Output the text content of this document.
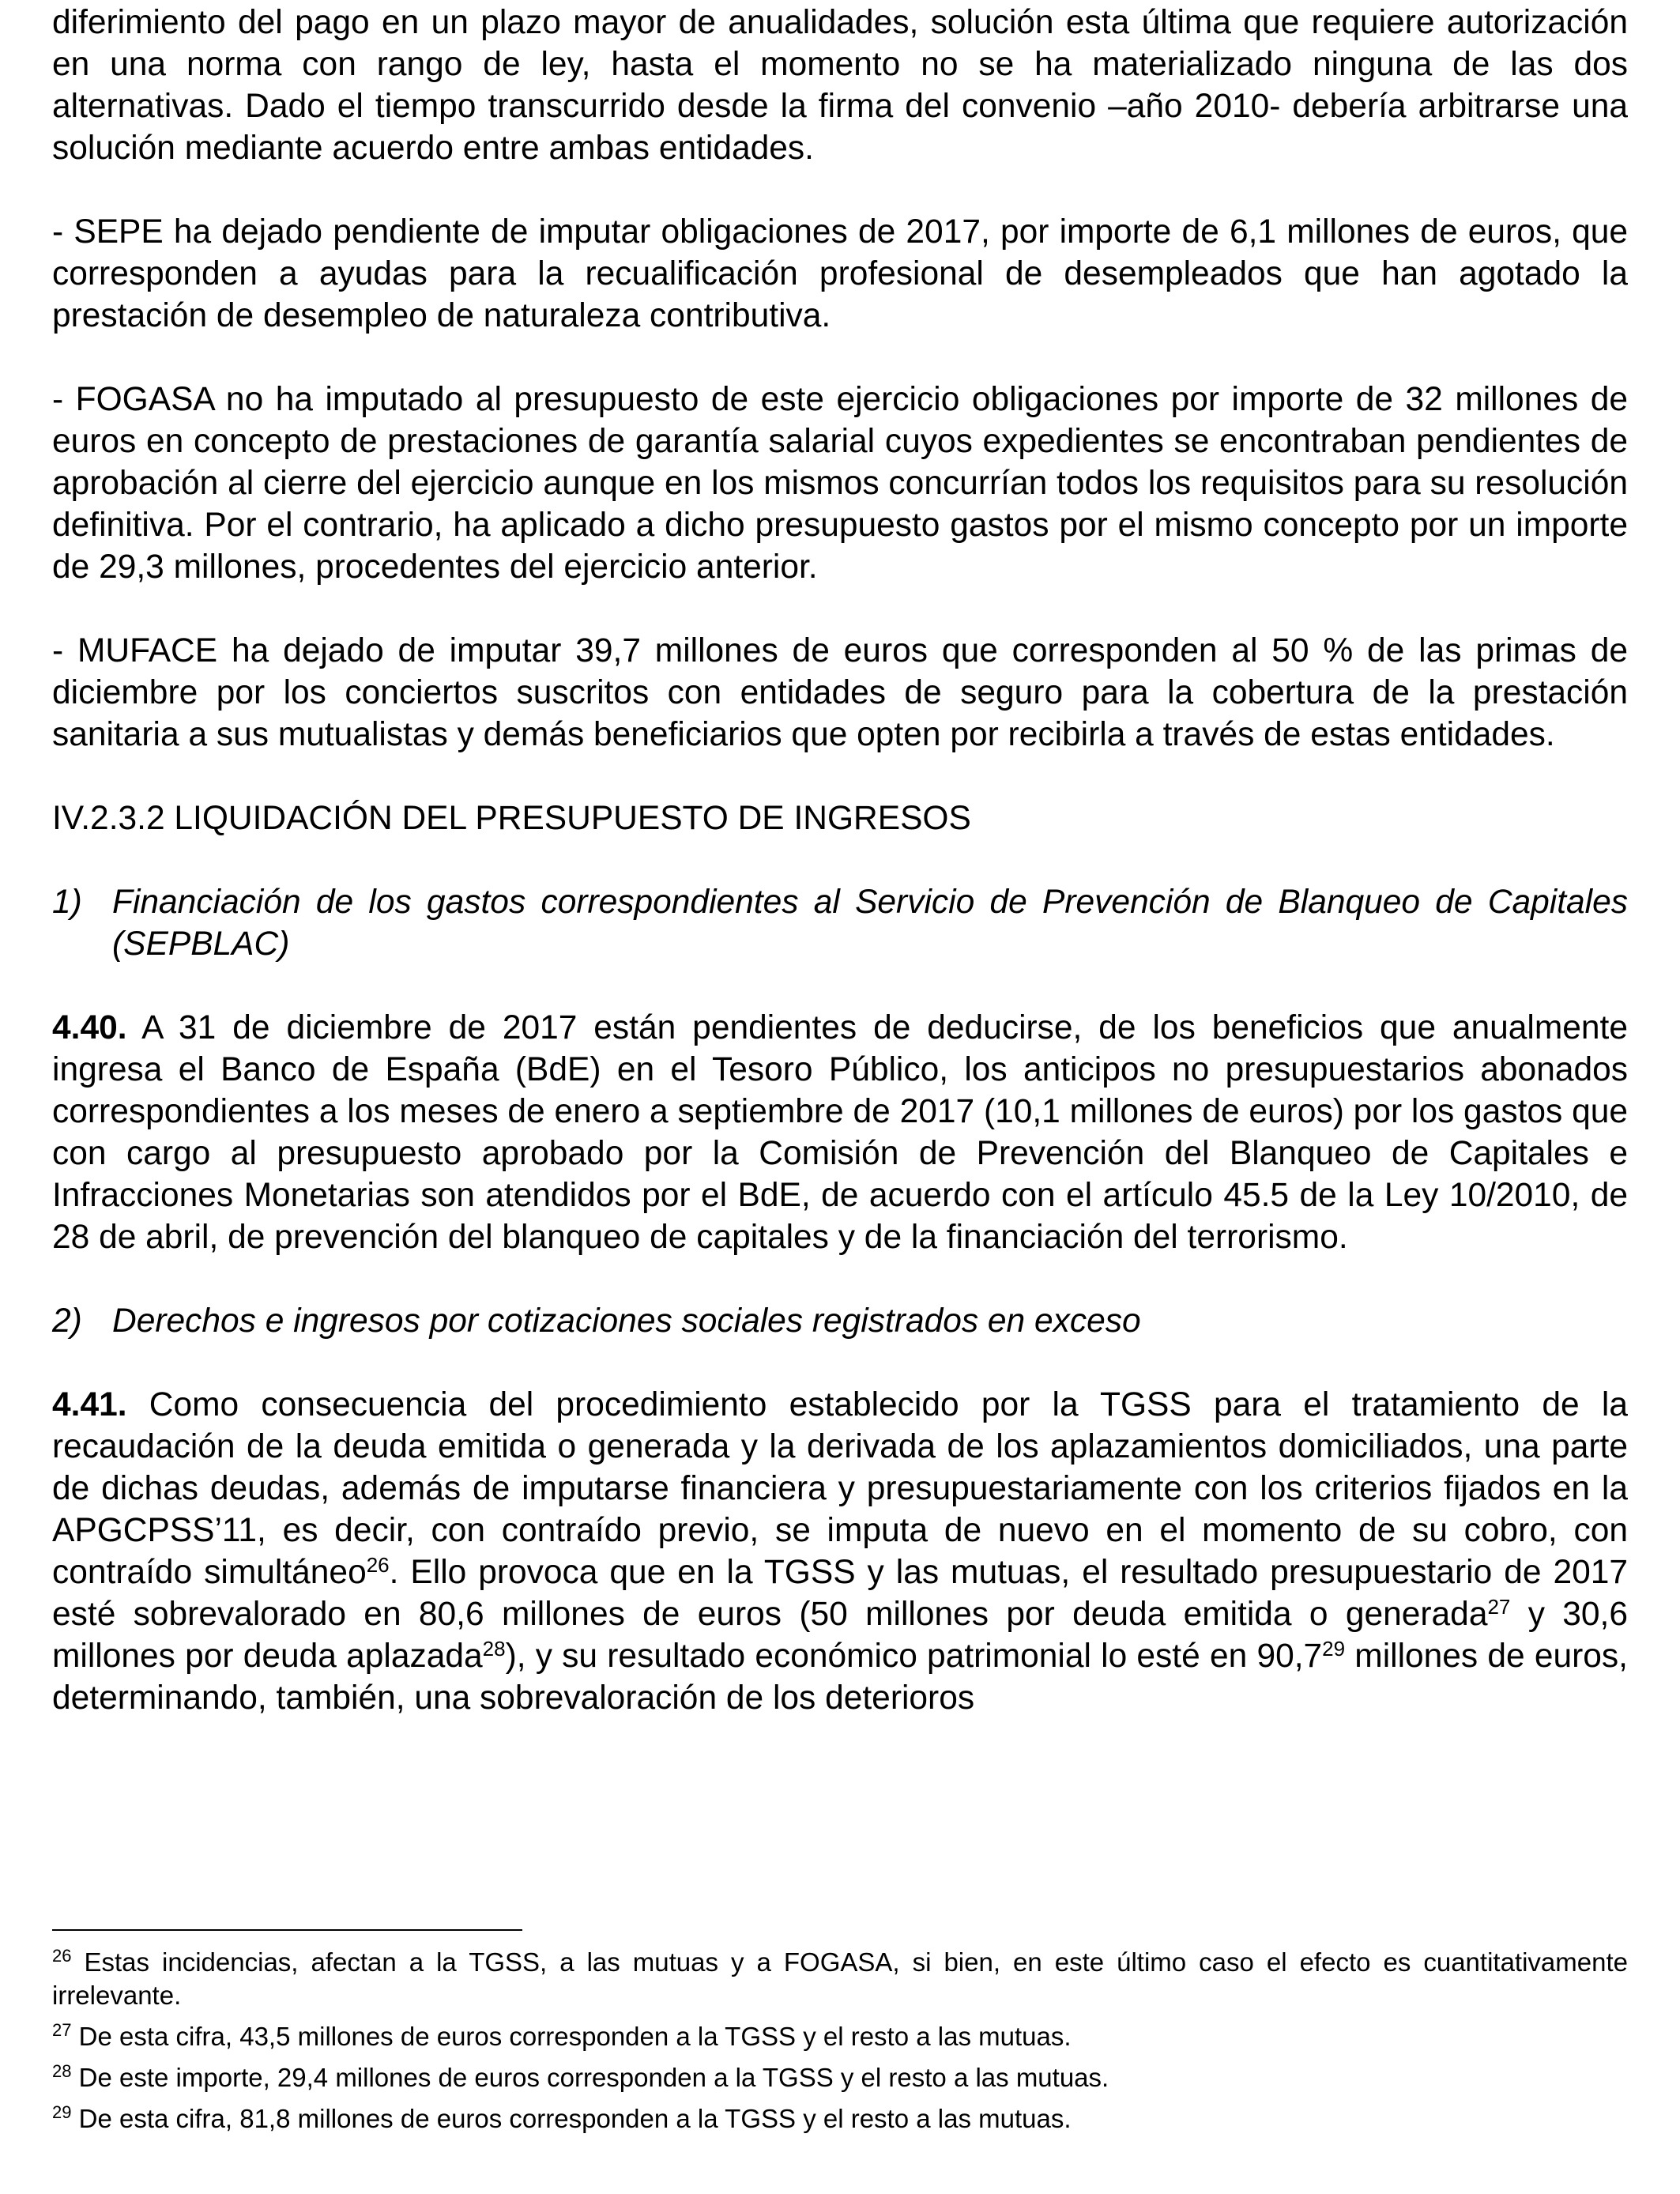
diferimiento del pago en un plazo mayor de anualidades, solución esta última que requiere autorización en una norma con rango de ley, hasta el momento no se ha materializado ninguna de las dos alternativas. Dado el tiempo transcurrido desde la firma del convenio –año 2010- debería arbitrarse una solución mediante acuerdo entre ambas entidades.

- SEPE ha dejado pendiente de imputar obligaciones de 2017, por importe de 6,1 millones de euros, que corresponden a ayudas para la recualificación profesional de desempleados que han agotado la prestación de desempleo de naturaleza contributiva.

- FOGASA no ha imputado al presupuesto de este ejercicio obligaciones por importe de 32 millones de euros en concepto de prestaciones de garantía salarial cuyos expedientes se encontraban pendientes de aprobación al cierre del ejercicio aunque en los mismos concurrían todos los requisitos para su resolución definitiva. Por el contrario, ha aplicado a dicho presupuesto gastos por el mismo concepto por un importe de 29,3 millones, procedentes del ejercicio anterior.

- MUFACE ha dejado de imputar 39,7 millones de euros que corresponden al 50 % de las primas de diciembre por los conciertos suscritos con entidades de seguro para la cobertura de la prestación sanitaria a sus mutualistas y demás beneficiarios que opten por recibirla a través de estas entidades.

IV.2.3.2 LIQUIDACIÓN DEL PRESUPUESTO DE INGRESOS

1) Financiación de los gastos correspondientes al Servicio de Prevención de Blanqueo de Capitales (SEPBLAC)

4.40. A 31 de diciembre de 2017 están pendientes de deducirse, de los beneficios que anualmente ingresa el Banco de España (BdE) en el Tesoro Público, los anticipos no presupuestarios abonados correspondientes a los meses de enero a septiembre de 2017 (10,1 millones de euros) por los gastos que con cargo al presupuesto aprobado por la Comisión de Prevención del Blanqueo de Capitales e Infracciones Monetarias son atendidos por el BdE, de acuerdo con el artículo 45.5 de la Ley 10/2010, de 28 de abril, de prevención del blanqueo de capitales y de la financiación del terrorismo.

2) Derechos e ingresos por cotizaciones sociales registrados en exceso

4.41. Como consecuencia del procedimiento establecido por la TGSS para el tratamiento de la recaudación de la deuda emitida o generada y la derivada de los aplazamientos domiciliados, una parte de dichas deudas, además de imputarse financiera y presupuestariamente con los criterios fijados en la APGCPSS’11, es decir, con contraído previo, se imputa de nuevo en el momento de su cobro, con contraído simultáneo$^{26}$. Ello provoca que en la TGSS y las mutuas, el resultado presupuestario de 2017 esté sobrevalorado en 80,6 millones de euros (50 millones por deuda emitida o generada$^{27}$ y 30,6 millones por deuda aplazada$^{28}$), y su resultado económico patrimonial lo esté en 90,7$^{29}$ millones de euros, determinando, también, una sobrevaloración de los deterioros

$^{26}$ Estas incidencias, afectan a la TGSS, a las mutuas y a FOGASA, si bien, en este último caso el efecto es cuantitativamente irrelevante.

$^{27}$ De esta cifra, 43,5 millones de euros corresponden a la TGSS y el resto a las mutuas.

$^{28}$ De este importe, 29,4 millones de euros corresponden a la TGSS y el resto a las mutuas.

$^{29}$ De esta cifra, 81,8 millones de euros corresponden a la TGSS y el resto a las mutuas.
